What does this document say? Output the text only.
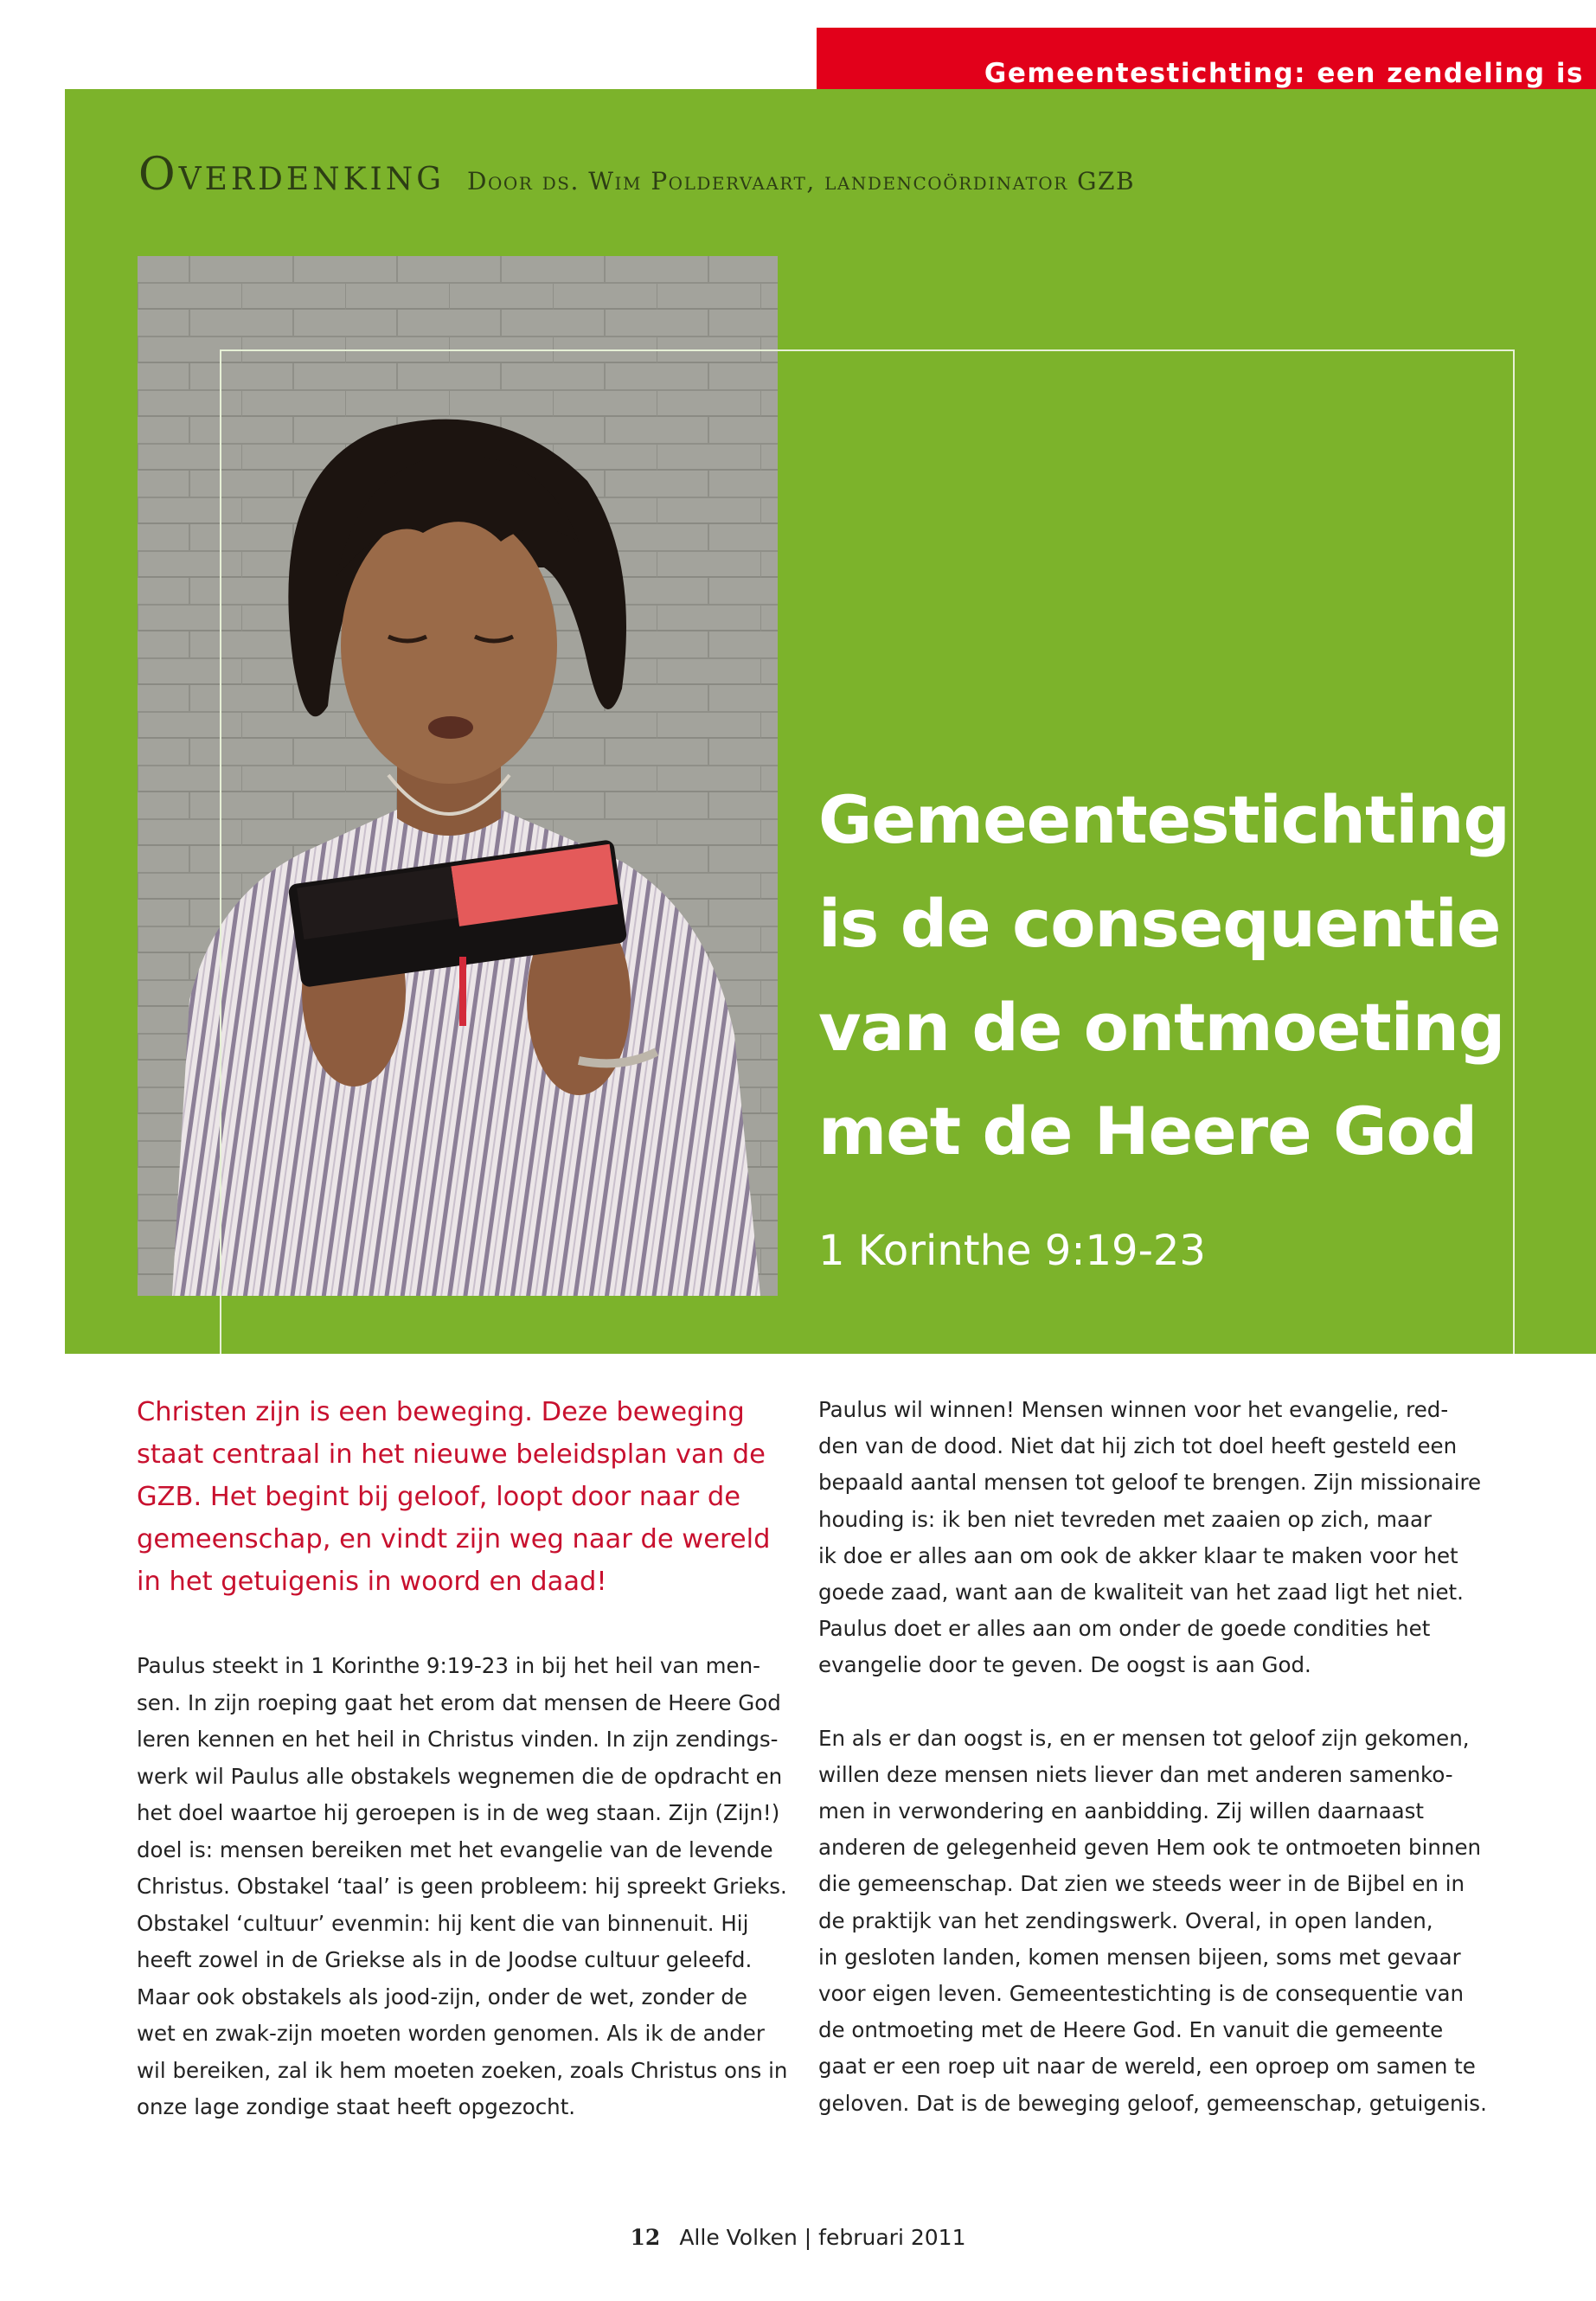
Gemeentestichting: een zendeling is
Overdenking Door ds. Wim Poldervaart, landencoördinator GZB
Gemeentestichting
is de consequentie
van de ontmoeting
met de Heere God
1 Korinthe 9:19-23
Christen zijn is een beweging. Deze beweging
staat centraal in het nieuwe beleidsplan van de
GZB. Het begint bij geloof, loopt door naar de
gemeenschap, en vindt zijn weg naar de wereld
in het getuigenis in woord en daad!
Paulus steekt in 1 Korinthe 9:19-23 in bij het heil van men-
sen. In zijn roeping gaat het erom dat mensen de Heere God
leren kennen en het heil in Christus vinden. In zijn zendings-
werk wil Paulus alle obstakels wegnemen die de opdracht en
het doel waartoe hij geroepen is in de weg staan. Zijn (Zijn!)
doel is: mensen bereiken met het evangelie van de levende
Christus. Obstakel ‘taal’ is geen probleem: hij spreekt Grieks.
Obstakel ‘cultuur’ evenmin: hij kent die van binnenuit. Hij
heeft zowel in de Griekse als in de Joodse cultuur geleefd.
Maar ook obstakels als jood-zijn, onder de wet, zonder de
wet en zwak-zijn moeten worden genomen. Als ik de ander
wil bereiken, zal ik hem moeten zoeken, zoals Christus ons in
onze lage zondige staat heeft opgezocht.
Paulus wil winnen! Mensen winnen voor het evangelie, red-
den van de dood. Niet dat hij zich tot doel heeft gesteld een
bepaald aantal mensen tot geloof te brengen. Zijn missionaire
houding is: ik ben niet tevreden met zaaien op zich, maar
ik doe er alles aan om ook de akker klaar te maken voor het
goede zaad, want aan de kwaliteit van het zaad ligt het niet.
Paulus doet er alles aan om onder de goede condities het
evangelie door te geven. De oogst is aan God.
En als er dan oogst is, en er mensen tot geloof zijn gekomen,
willen deze mensen niets liever dan met anderen samenko-
men in verwondering en aanbidding. Zij willen daarnaast
anderen de gelegenheid geven Hem ook te ontmoeten binnen
die gemeenschap. Dat zien we steeds weer in de Bijbel en in
de praktijk van het zendingswerk. Overal, in open landen,
in gesloten landen, komen mensen bijeen, soms met gevaar
voor eigen leven. Gemeentestichting is de consequentie van
de ontmoeting met de Heere God. En vanuit die gemeente
gaat er een roep uit naar de wereld, een oproep om samen te
geloven. Dat is de beweging geloof, gemeenschap, getuigenis.
12 Alle Volken | februari 2011
